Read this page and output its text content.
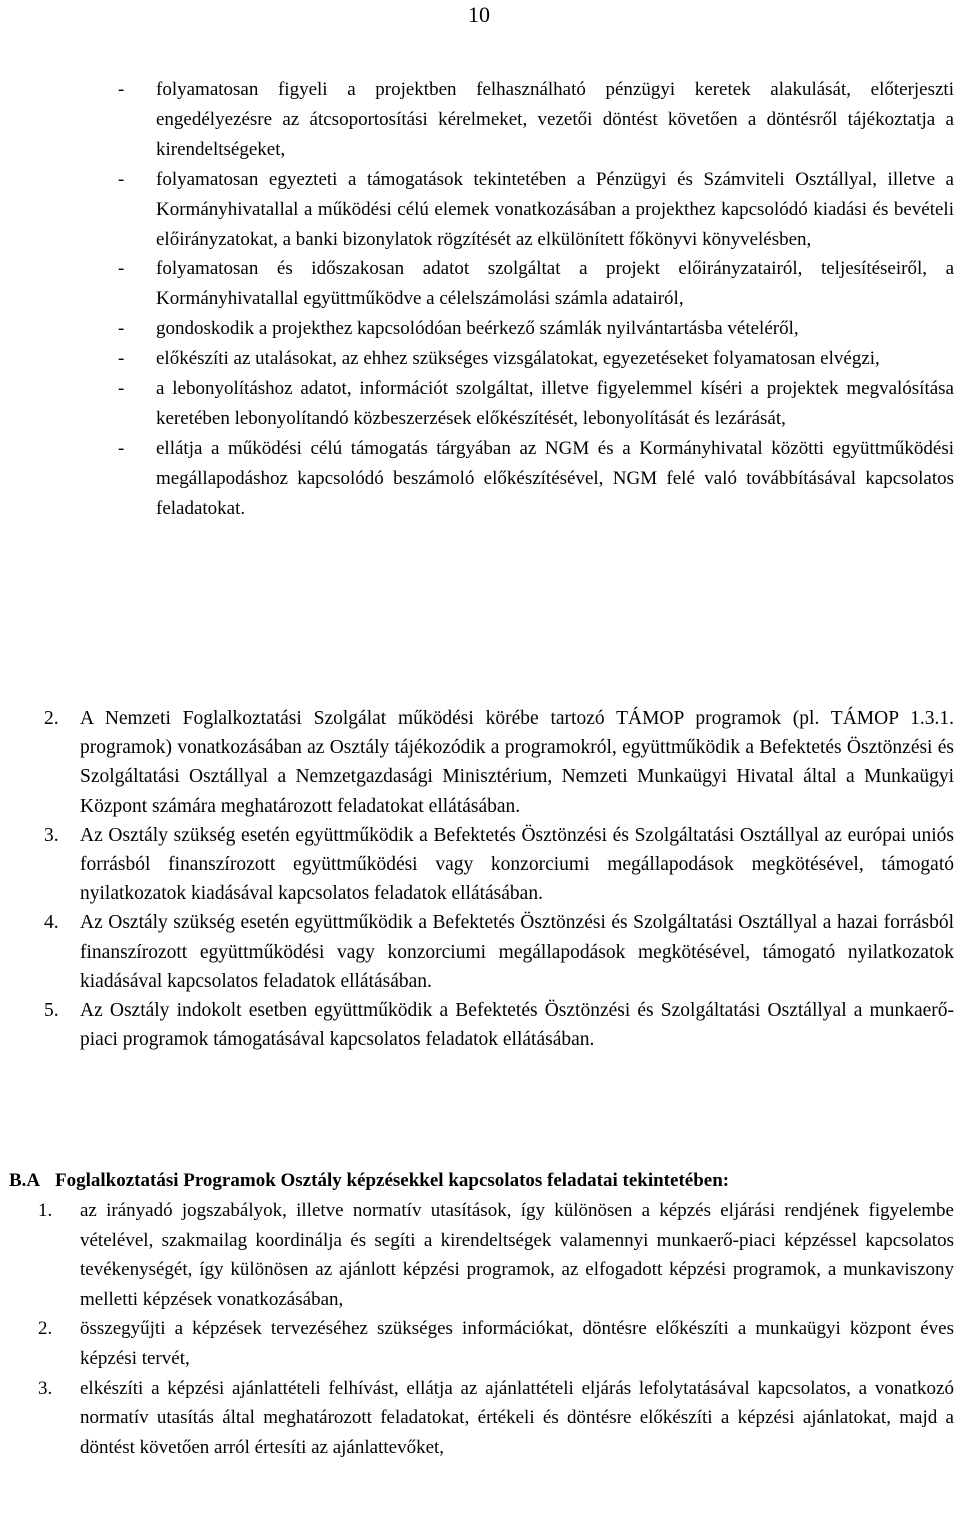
10
- folyamatosan figyeli a projektben felhasználható pénzügyi keretek alakulását, előterjeszti engedélyezésre az átcsoportosítási kérelmeket, vezetői döntést követően a döntésről tájékoztatja a kirendeltségeket,
- folyamatosan egyezteti a támogatások tekintetében a Pénzügyi és Számviteli Osztállyal, illetve a Kormányhivatallal a működési célú elemek vonatkozásában a projekthez kapcsolódó kiadási és bevételi előirányzatokat, a banki bizonylatok rögzítését az elkülönített főkönyvi könyvelésben,
- folyamatosan és időszakosan adatot szolgáltat a projekt előirányzatairól, teljesítéseiről, a Kormányhivatallal együttműködve a célelszámolási számla adatairól,
- gondoskodik a projekthez kapcsolódóan beérkező számlák nyilvántartásba vételéről,
- előkészíti az utalásokat, az ehhez szükséges vizsgálatokat, egyezetéseket folyamatosan elvégzi,
- a lebonyolításhoz adatot, információt szolgáltat, illetve figyelemmel kíséri a projektek megvalósítása keretében lebonyolítandó közbeszerzések előkészítését, lebonyolítását és lezárását,
- ellátja a működési célú támogatás tárgyában az NGM és a Kormányhivatal közötti együttműködési megállapodáshoz kapcsolódó beszámoló előkészítésével, NGM felé való továbbításával kapcsolatos feladatokat.
2. A Nemzeti Foglalkoztatási Szolgálat működési körébe tartozó TÁMOP programok (pl. TÁMOP 1.3.1. programok) vonatkozásában az Osztály tájékozódik a programokról, együttműködik a Befektetés Ösztönzési és Szolgáltatási Osztállyal a Nemzetgazdasági Minisztérium, Nemzeti Munkaügyi Hivatal által a Munkaügyi Központ számára meghatározott feladatokat ellátásában.
3. Az Osztály szükség esetén együttműködik a Befektetés Ösztönzési és Szolgáltatási Osztállyal az európai uniós forrásból finanszírozott együttműködési vagy konzorciumi megállapodások megkötésével, támogató nyilatkozatok kiadásával kapcsolatos feladatok ellátásában.
4. Az Osztály szükség esetén együttműködik a Befektetés Ösztönzési és Szolgáltatási Osztállyal a hazai forrásból finanszírozott együttműködési vagy konzorciumi megállapodások megkötésével, támogató nyilatkozatok kiadásával kapcsolatos feladatok ellátásában.
5. Az Osztály indokolt esetben együttműködik a Befektetés Ösztönzési és Szolgáltatási Osztállyal a munkaerő-piaci programok támogatásával kapcsolatos feladatok ellátásában.
B.A Foglalkoztatási Programok Osztály képzésekkel kapcsolatos feladatai tekintetében:
1. az irányadó jogszabályok, illetve normatív utasítások, így különösen a képzés eljárási rendjének figyelembe vételével, szakmailag koordinálja és segíti a kirendeltségek valamennyi munkaerő-piaci képzéssel kapcsolatos tevékenységét, így különösen az ajánlott képzési programok, az elfogadott képzési programok, a munkaviszony melletti képzések vonatkozásában,
2. összegyűjti a képzések tervezéséhez szükséges információkat, döntésre előkészíti a munkaügyi központ éves képzési tervét,
3. elkészíti a képzési ajánlattételi felhívást, ellátja az ajánlattételi eljárás lefolytatásával kapcsolatos, a vonatkozó normatív utasítás által meghatározott feladatokat, értékeli és döntésre előkészíti a képzési ajánlatokat, majd a döntést követően arról értesíti az ajánlattevőket,
